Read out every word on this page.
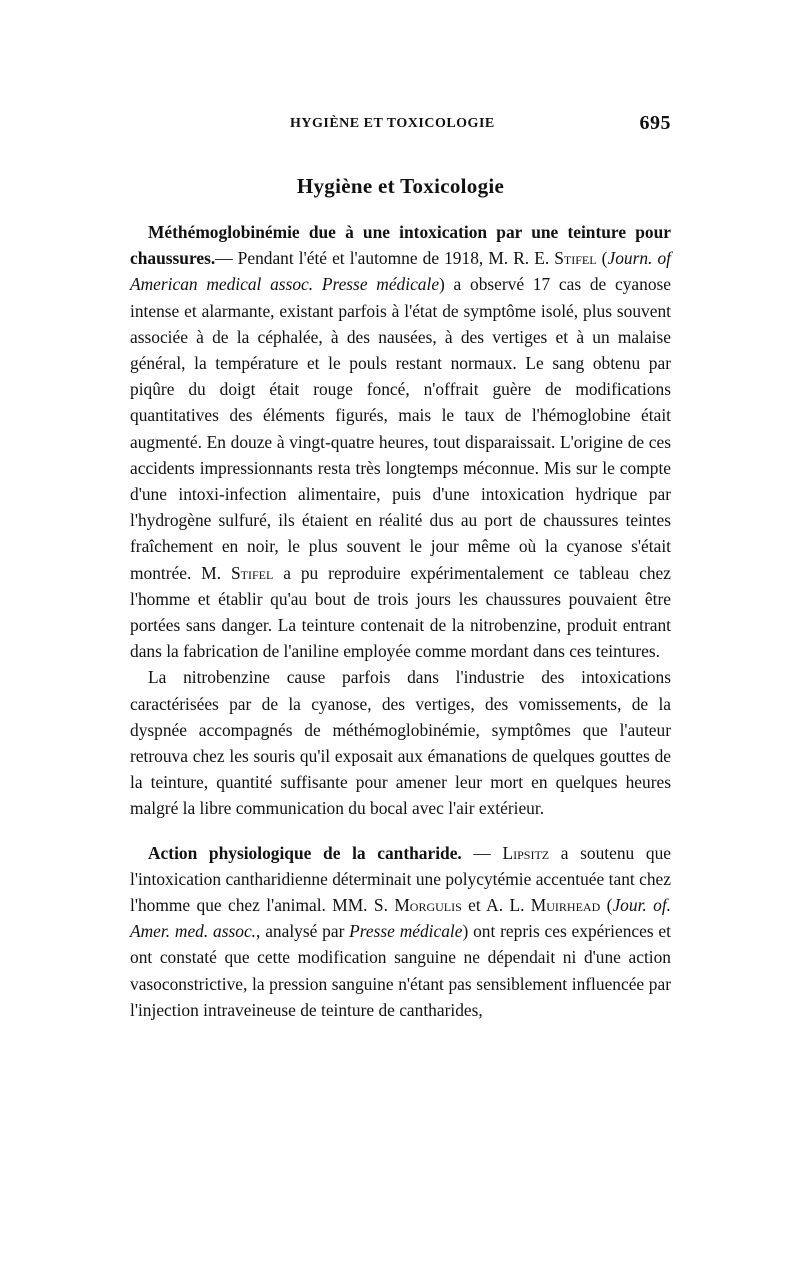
HYGIÈNE ET TOXICOLOGIE	695
Hygiène et Toxicologie

Méthémoglobinémie due à une intoxication par une teinture pour chaussures.— Pendant l'été et l'automne de 1918, M. R. E. Stifel (Journ. of American medical assoc. Presse médicale) a observé 17 cas de cyanose intense et alarmante, existant parfois à l'état de symptôme isolé, plus souvent associée à de la céphalée, à des nausées, à des vertiges et à un malaise général, la température et le pouls restant normaux. Le sang obtenu par piqûre du doigt était rouge foncé, n'offrait guère de modifications quantitatives des éléments figurés, mais le taux de l'hémoglobine était augmenté. En douze à vingt-quatre heures, tout disparaissait. L'origine de ces accidents impressionnants resta très longtemps méconnue. Mis sur le compte d'une intoxi-infection alimentaire, puis d'une intoxication hydrique par l'hydrogène sulfuré, ils étaient en réalité dus au port de chaussures teintes fraîchement en noir, le plus souvent le jour même où la cyanose s'était montrée. M. Stifel a pu reproduire expérimentalement ce tableau chez l'homme et établir qu'au bout de trois jours les chaussures pouvaient être portées sans danger. La teinture contenait de la nitrobenzine, produit entrant dans la fabrication de l'aniline employée comme mordant dans ces teintures.

La nitrobenzine cause parfois dans l'industrie des intoxications caractérisées par de la cyanose, des vertiges, des vomissements, de la dyspnée accompagnés de méthémoglobinémie, symptômes que l'auteur retrouva chez les souris qu'il exposait aux émanations de quelques gouttes de la teinture, quantité suffisante pour amener leur mort en quelques heures malgré la libre communication du bocal avec l'air extérieur.

Action physiologique de la cantharide. — Lipsitz a soutenu que l'intoxication cantharidienne déterminait une polycytémie accentuée tant chez l'homme que chez l'animal. MM. S. Morgulis et A. L. Muirhead (Jour. of. Amer. med. assoc., analysé par Presse médicale) ont repris ces expériences et ont constaté que cette modification sanguine ne dépendait ni d'une action vasoconstrictive, la pression sanguine n'étant pas sensiblement influencée par l'injection intraveineuse de teinture de cantharides,
